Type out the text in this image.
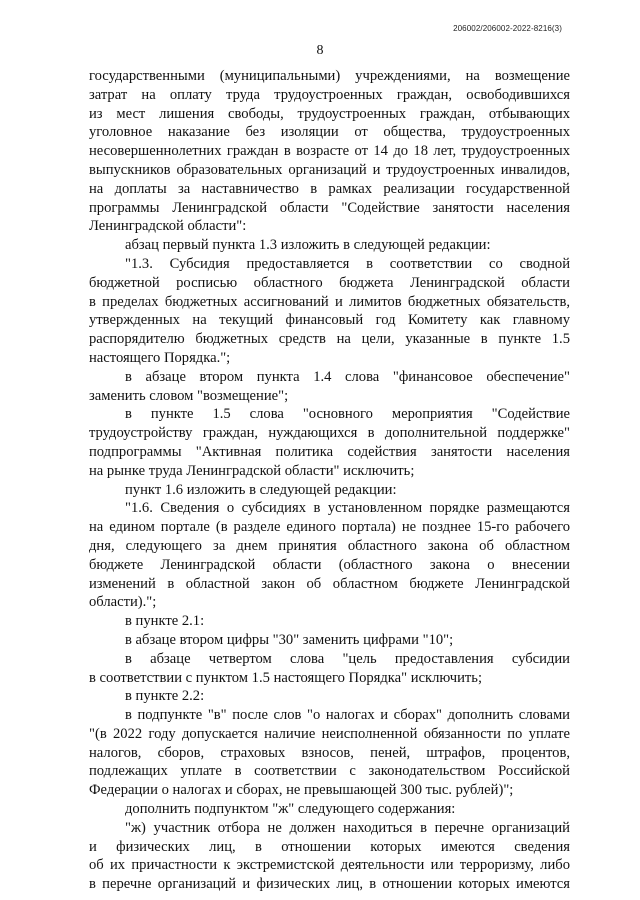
206002/206002-2022-8216(3)
8

государственными (муниципальными) учреждениями, на возмещение

затрат на оплату труда трудоустроенных граждан, освободившихся

из мест лишения свободы, трудоустроенных граждан, отбывающих

уголовное наказание без изоляции от общества, трудоустроенных

несовершеннолетних граждан в возрасте от 14 до 18 лет, трудоустроенных

выпускников образовательных организаций и трудоустроенных инвалидов,

на доплаты за наставничество в рамках реализации государственной

программы Ленинградской области "Содействие занятости населения

Ленинградской области":

абзац первый пункта 1.3 изложить в следующей редакции:

"1.3. Субсидия предоставляется в соответствии со сводной

бюджетной росписью областного бюджета Ленинградской области

в пределах бюджетных ассигнований и лимитов бюджетных обязательств,

утвержденных на текущий финансовый год Комитету как главному

распорядителю бюджетных средств на цели, указанные в пункте 1.5

настоящего Порядка.";

в абзаце втором пункта 1.4 слова "финансовое обеспечение"

заменить словом "возмещение";

в пункте 1.5 слова "основного мероприятия "Содействие

трудоустройству граждан, нуждающихся в дополнительной поддержке"

подпрограммы "Активная политика содействия занятости населения

на рынке труда Ленинградской области" исключить;

пункт 1.6 изложить в следующей редакции:

"1.6. Сведения о субсидиях в установленном порядке размещаются

на едином портале (в разделе единого портала) не позднее 15-го рабочего

дня, следующего за днем принятия областного закона об областном

бюджете Ленинградской области (областного закона о внесении

изменений в областной закон об областном бюджете Ленинградской

области).";

в пункте 2.1:

в абзаце втором цифры "30" заменить цифрами "10";

в абзаце четвертом слова "цель предоставления субсидии

в соответствии с пунктом 1.5 настоящего Порядка" исключить;

в пункте 2.2:

в подпункте "в" после слов "о налогах и сборах" дополнить словами

"(в 2022 году допускается наличие неисполненной обязанности по уплате

налогов, сборов, страховых взносов, пеней, штрафов, процентов,

подлежащих уплате в соответствии с законодательством Российской

Федерации о налогах и сборах, не превышающей 300 тыс. рублей)";

дополнить подпунктом "ж" следующего содержания:

"ж) участник отбора не должен находиться в перечне организаций

и физических лиц, в отношении которых имеются сведения

об их причастности к экстремистской деятельности или терроризму, либо

в перечне организаций и физических лиц, в отношении которых имеются
